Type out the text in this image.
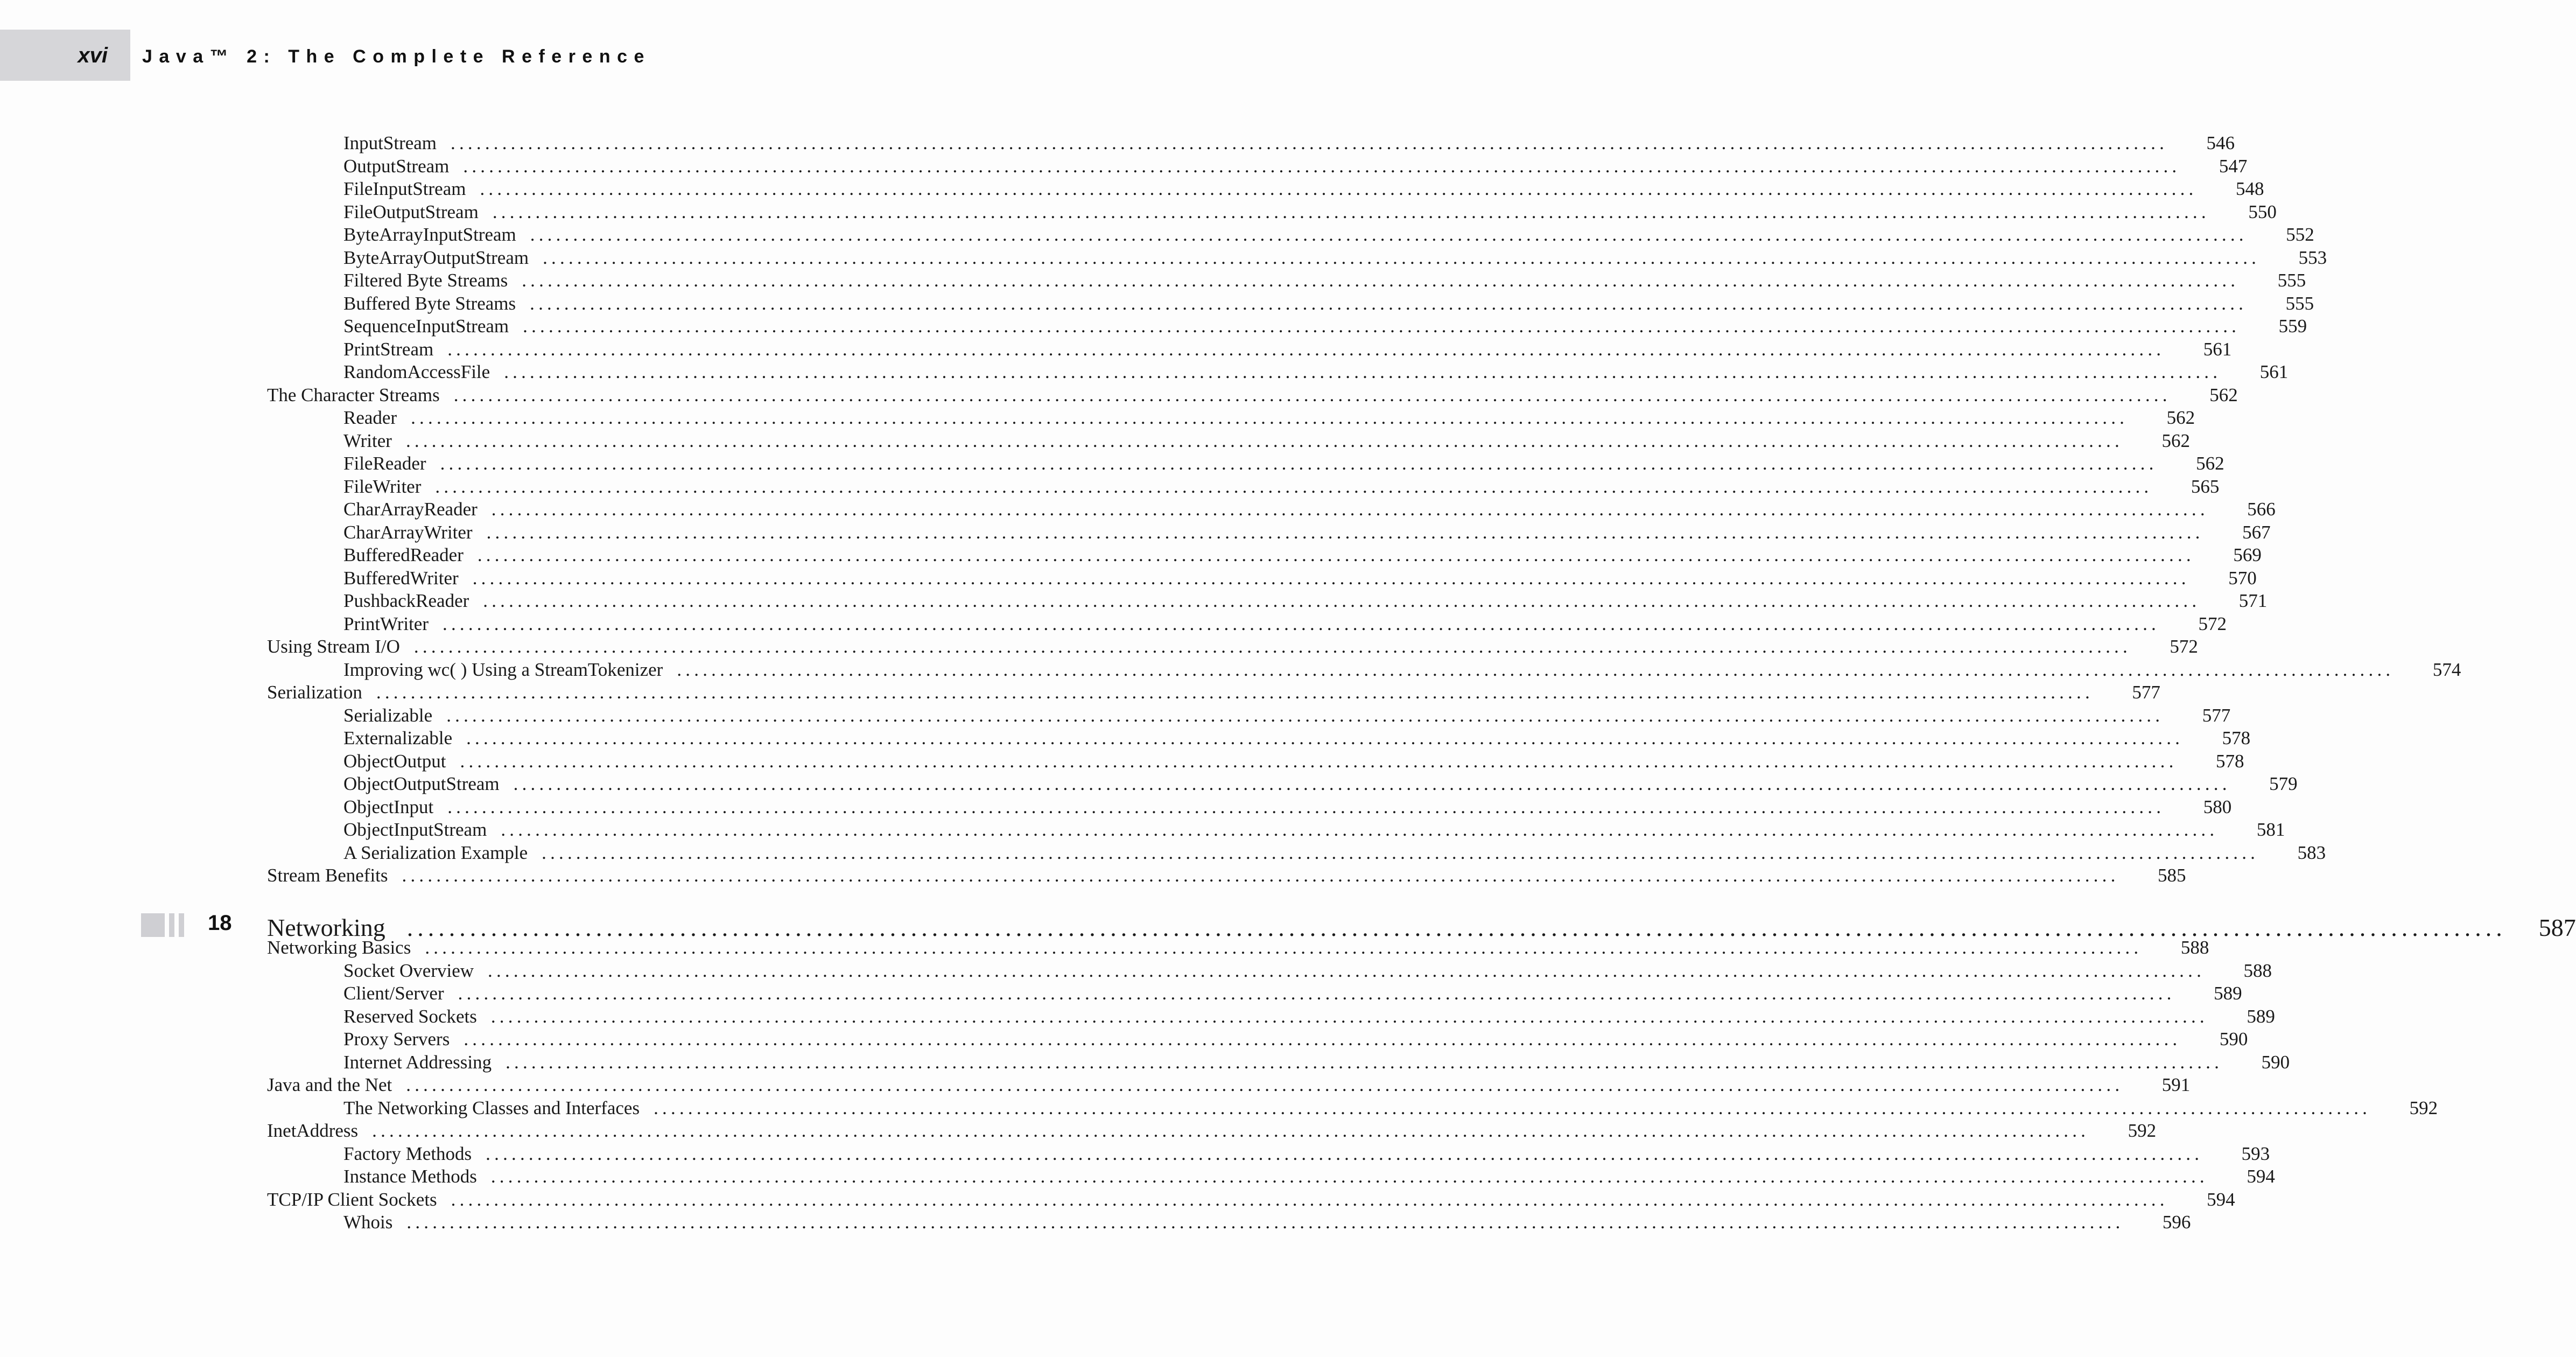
xvi Java™ 2: The Complete Reference
InputStream ........................................................................................................................................................................................................ 546
OutputStream ........................................................................................................................................................................................................ 547
FileInputStream ........................................................................................................................................................................................................ 548
FileOutputStream ........................................................................................................................................................................................................ 550
ByteArrayInputStream ........................................................................................................................................................................................................ 552
ByteArrayOutputStream ........................................................................................................................................................................................................ 553
Filtered Byte Streams ........................................................................................................................................................................................................ 555
Buffered Byte Streams ........................................................................................................................................................................................................ 555
SequenceInputStream ........................................................................................................................................................................................................ 559
PrintStream ........................................................................................................................................................................................................ 561
RandomAccessFile ........................................................................................................................................................................................................ 561
The Character Streams ........................................................................................................................................................................................................ 562
Reader ........................................................................................................................................................................................................ 562
Writer ........................................................................................................................................................................................................ 562
FileReader ........................................................................................................................................................................................................ 562
FileWriter ........................................................................................................................................................................................................ 565
CharArrayReader ........................................................................................................................................................................................................ 566
CharArrayWriter ........................................................................................................................................................................................................ 567
BufferedReader ........................................................................................................................................................................................................ 569
BufferedWriter ........................................................................................................................................................................................................ 570
PushbackReader ........................................................................................................................................................................................................ 571
PrintWriter ........................................................................................................................................................................................................ 572
Using Stream I/O ........................................................................................................................................................................................................ 572
Improving wc( ) Using a StreamTokenizer ........................................................................................................................................................................................................ 574
Serialization ........................................................................................................................................................................................................ 577
Serializable ........................................................................................................................................................................................................ 577
Externalizable ........................................................................................................................................................................................................ 578
ObjectOutput ........................................................................................................................................................................................................ 578
ObjectOutputStream ........................................................................................................................................................................................................ 579
ObjectInput ........................................................................................................................................................................................................ 580
ObjectInputStream ........................................................................................................................................................................................................ 581
A Serialization Example ........................................................................................................................................................................................................ 583
Stream Benefits ........................................................................................................................................................................................................ 585
Networking Basics ........................................................................................................................................................................................................ 588
Socket Overview ........................................................................................................................................................................................................ 588
Client/Server ........................................................................................................................................................................................................ 589
Reserved Sockets ........................................................................................................................................................................................................ 589
Proxy Servers ........................................................................................................................................................................................................ 590
Internet Addressing ........................................................................................................................................................................................................ 590
Java and the Net ........................................................................................................................................................................................................ 591
The Networking Classes and Interfaces ........................................................................................................................................................................................................ 592
InetAddress ........................................................................................................................................................................................................ 592
Factory Methods ........................................................................................................................................................................................................ 593
Instance Methods ........................................................................................................................................................................................................ 594
TCP/IP Client Sockets ........................................................................................................................................................................................................ 594
Whois ........................................................................................................................................................................................................ 596
18 Networking ........................................................................................................................................................................................................ 587
